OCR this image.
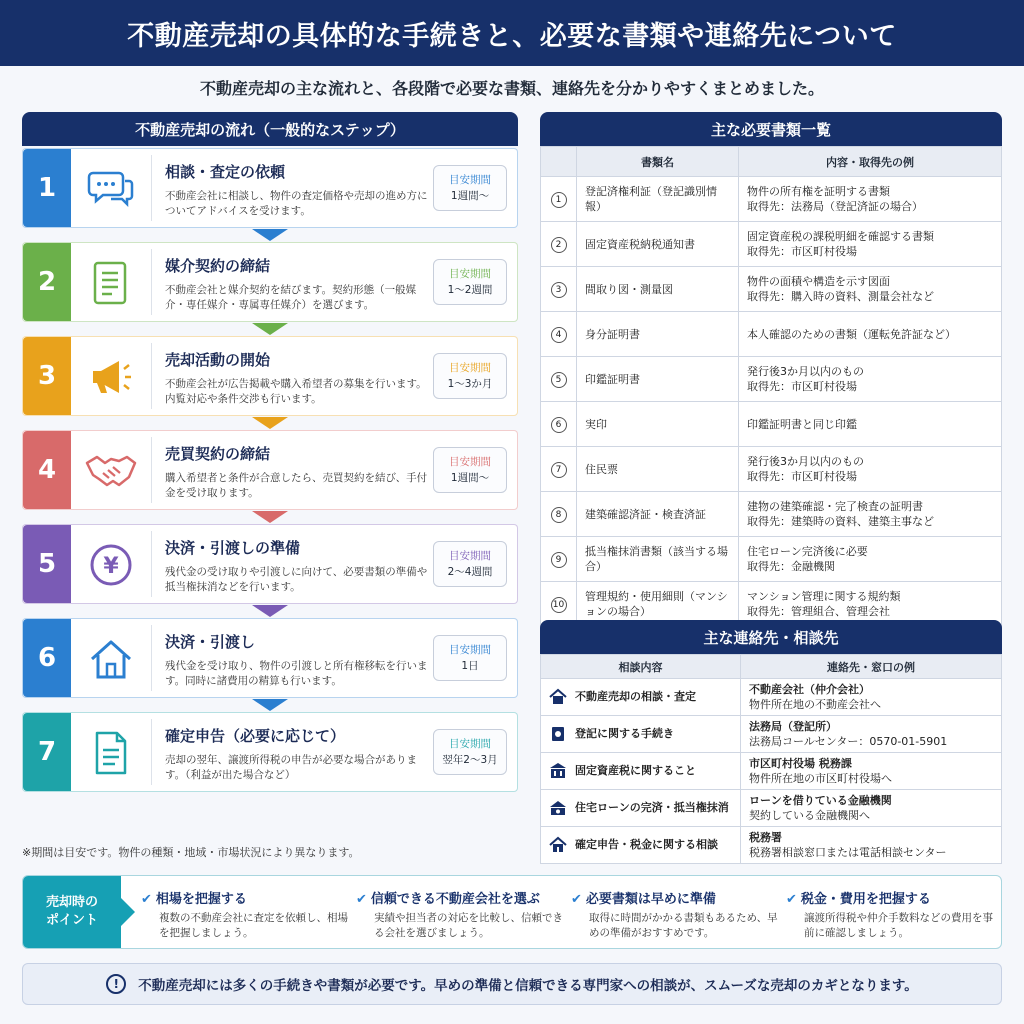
不動産売却の具体的な手続きと、必要な書類や連絡先について
不動産売却の主な流れと、各段階で必要な書類、連絡先を分かりやすくまとめました。
不動産売却の流れ（一般的なステップ）
1
相談・査定の依頼
不動産会社に相談し、物件の査定価格や売却の進め方についてアドバイスを受けます。
目安期間
1週間〜
2
媒介契約の締結
不動産会社と媒介契約を結びます。契約形態（一般媒介・専任媒介・専属専任媒介）を選びます。
目安期間
1〜2週間
3
売却活動の開始
不動産会社が広告掲載や購入希望者の募集を行います。内覧対応や条件交渉も行います。
目安期間
1〜3か月
4
売買契約の締結
購入希望者と条件が合意したら、売買契約を結び、手付金を受け取ります。
目安期間
1週間〜
5	¥
決済・引渡しの準備
残代金の受け取りや引渡しに向けて、必要書類の準備や抵当権抹消などを行います。
目安期間
2〜4週間
6
決済・引渡し
残代金を受け取り、物件の引渡しと所有権移転を行います。同時に諸費用の精算も行います。
目安期間
1日
7
確定申告（必要に応じて）
売却の翌年、譲渡所得税の申告が必要な場合があります。（利益が出た場合など）
目安期間
翌年2〜3月
※期間は目安です。物件の種類・地域・市場状況により異なります。
主な必要書類一覧
	書類名	内容・取得先の例
1	登記済権利証（登記識別情報）	物件の所有権を証明する書類
取得先：法務局（登記済証の場合）

2	固定資産税納税通知書	固定資産税の課税明細を確認する書類
取得先：市区町村役場

3	間取り図・測量図	物件の面積や構造を示す図面
取得先：購入時の資料、測量会社など

4	身分証明書	本人確認のための書類（運転免許証など）

5	印鑑証明書	発行後3か月以内のもの
取得先：市区町村役場

6	実印	印鑑証明書と同じ印鑑

7	住民票	発行後3か月以内のもの
取得先：市区町村役場

8	建築確認済証・検査済証	建物の建築確認・完了検査の証明書
取得先：建築時の資料、建築主事など

9	抵当権抹消書類（該当する場合）	住宅ローン完済後に必要
取得先：金融機関

10	管理規約・使用細則（マンションの場合）	マンション管理に関する規約類
取得先：管理組合、管理会社
主な連絡先・相談先
相談内容	連絡先・窓口の例
不動産売却の相談・査定	不動産会社（仲介会社）
物件所在地の不動産会社へ

登記に関する手続き	法務局（登記所）
法務局コールセンター：0570-01-5901

固定資産税に関すること	市区町村役場 税務課
物件所在地の市区町村役場へ

住宅ローンの完済・抵当権抹消	ローンを借りている金融機関
契約している金融機関へ

確定申告・税金に関する相談	税務署
税務署相談窓口または電話相談センター
売却時の
ポイント
✔ 相場を把握する
複数の不動産会社に査定を依頼し、相場を把握しましょう。
✔ 信頼できる不動産会社を選ぶ
実績や担当者の対応を比較し、信頼できる会社を選びましょう。
✔ 必要書類は早めに準備
取得に時間がかかる書類もあるため、早めの準備がおすすめです。
✔ 税金・費用を把握する
譲渡所得税や仲介手数料などの費用を事前に確認しましょう。
!	不動産売却には多くの手続きや書類が必要です。早めの準備と信頼できる専門家への相談が、スムーズな売却のカギとなります。
